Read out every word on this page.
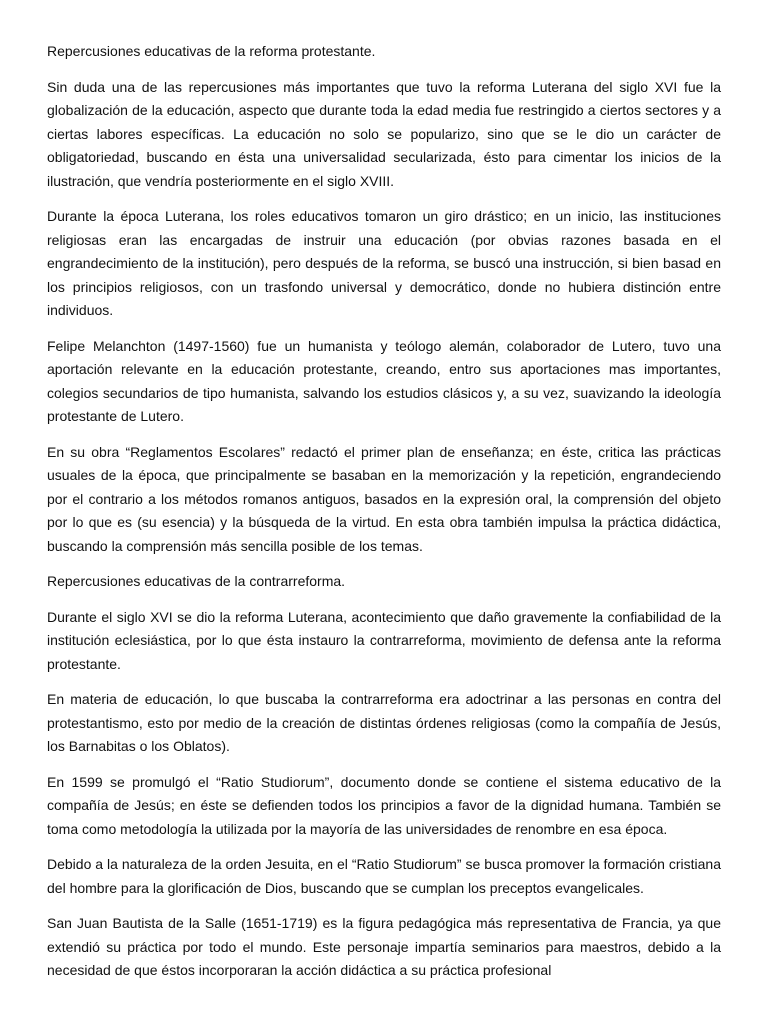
Repercusiones educativas de la reforma protestante.

Sin duda una de las repercusiones más importantes que tuvo la reforma Luterana del siglo XVI fue la globalización de la educación, aspecto que durante toda la edad media fue restringido a ciertos sectores y a ciertas labores específicas. La educación no solo se popularizo, sino que se le dio un carácter de obligatoriedad, buscando en ésta una universalidad secularizada, ésto para cimentar los inicios de la ilustración, que vendría posteriormente en el siglo XVIII.

Durante la época Luterana, los roles educativos tomaron un giro drástico; en un inicio, las instituciones religiosas eran las encargadas de instruir una educación (por obvias razones basada en el engrandecimiento de la institución), pero después de la reforma, se buscó una instrucción, si bien basad en los principios religiosos, con un trasfondo universal y democrático, donde no hubiera distinción entre individuos.

Felipe Melanchton (1497-1560) fue un humanista y teólogo alemán, colaborador de Lutero, tuvo una aportación relevante en la educación protestante, creando, entro sus aportaciones mas importantes, colegios secundarios de tipo humanista, salvando los estudios clásicos y, a su vez, suavizando la ideología protestante de Lutero.

En su obra “Reglamentos Escolares” redactó el primer plan de enseñanza; en éste, critica las prácticas usuales de la época, que principalmente se basaban en la memorización y la repetición, engrandeciendo por el contrario a los métodos romanos antiguos, basados en la expresión oral, la comprensión del objeto por lo que es (su esencia) y la búsqueda de la virtud. En esta obra también impulsa la práctica didáctica, buscando la comprensión más sencilla posible de los temas.

Repercusiones educativas de la contrarreforma.

Durante el siglo XVI se dio la reforma Luterana, acontecimiento que daño gravemente la confiabilidad de la institución eclesiástica, por lo que ésta instauro la contrarreforma, movimiento de defensa ante la reforma protestante.

En materia de educación, lo que buscaba la contrarreforma era adoctrinar a las personas en contra del protestantismo, esto por medio de la creación de distintas órdenes religiosas (como la compañía de Jesús, los Barnabitas o los Oblatos).

En 1599 se promulgó el “Ratio Studiorum”, documento donde se contiene el sistema educativo de la compañía de Jesús; en éste se defienden todos los principios a favor de la dignidad humana. También se toma como metodología la utilizada por la mayoría de las universidades de renombre en esa época.

Debido a la naturaleza de la orden Jesuita, en el “Ratio Studiorum” se busca promover la formación cristiana del hombre para la glorificación de Dios, buscando que se cumplan los preceptos evangelicales.

San Juan Bautista de la Salle (1651-1719) es la figura pedagógica más representativa de Francia, ya que extendió su práctica por todo el mundo. Este personaje impartía seminarios para maestros, debido a la necesidad de que éstos incorporaran la acción didáctica a su práctica profesional
